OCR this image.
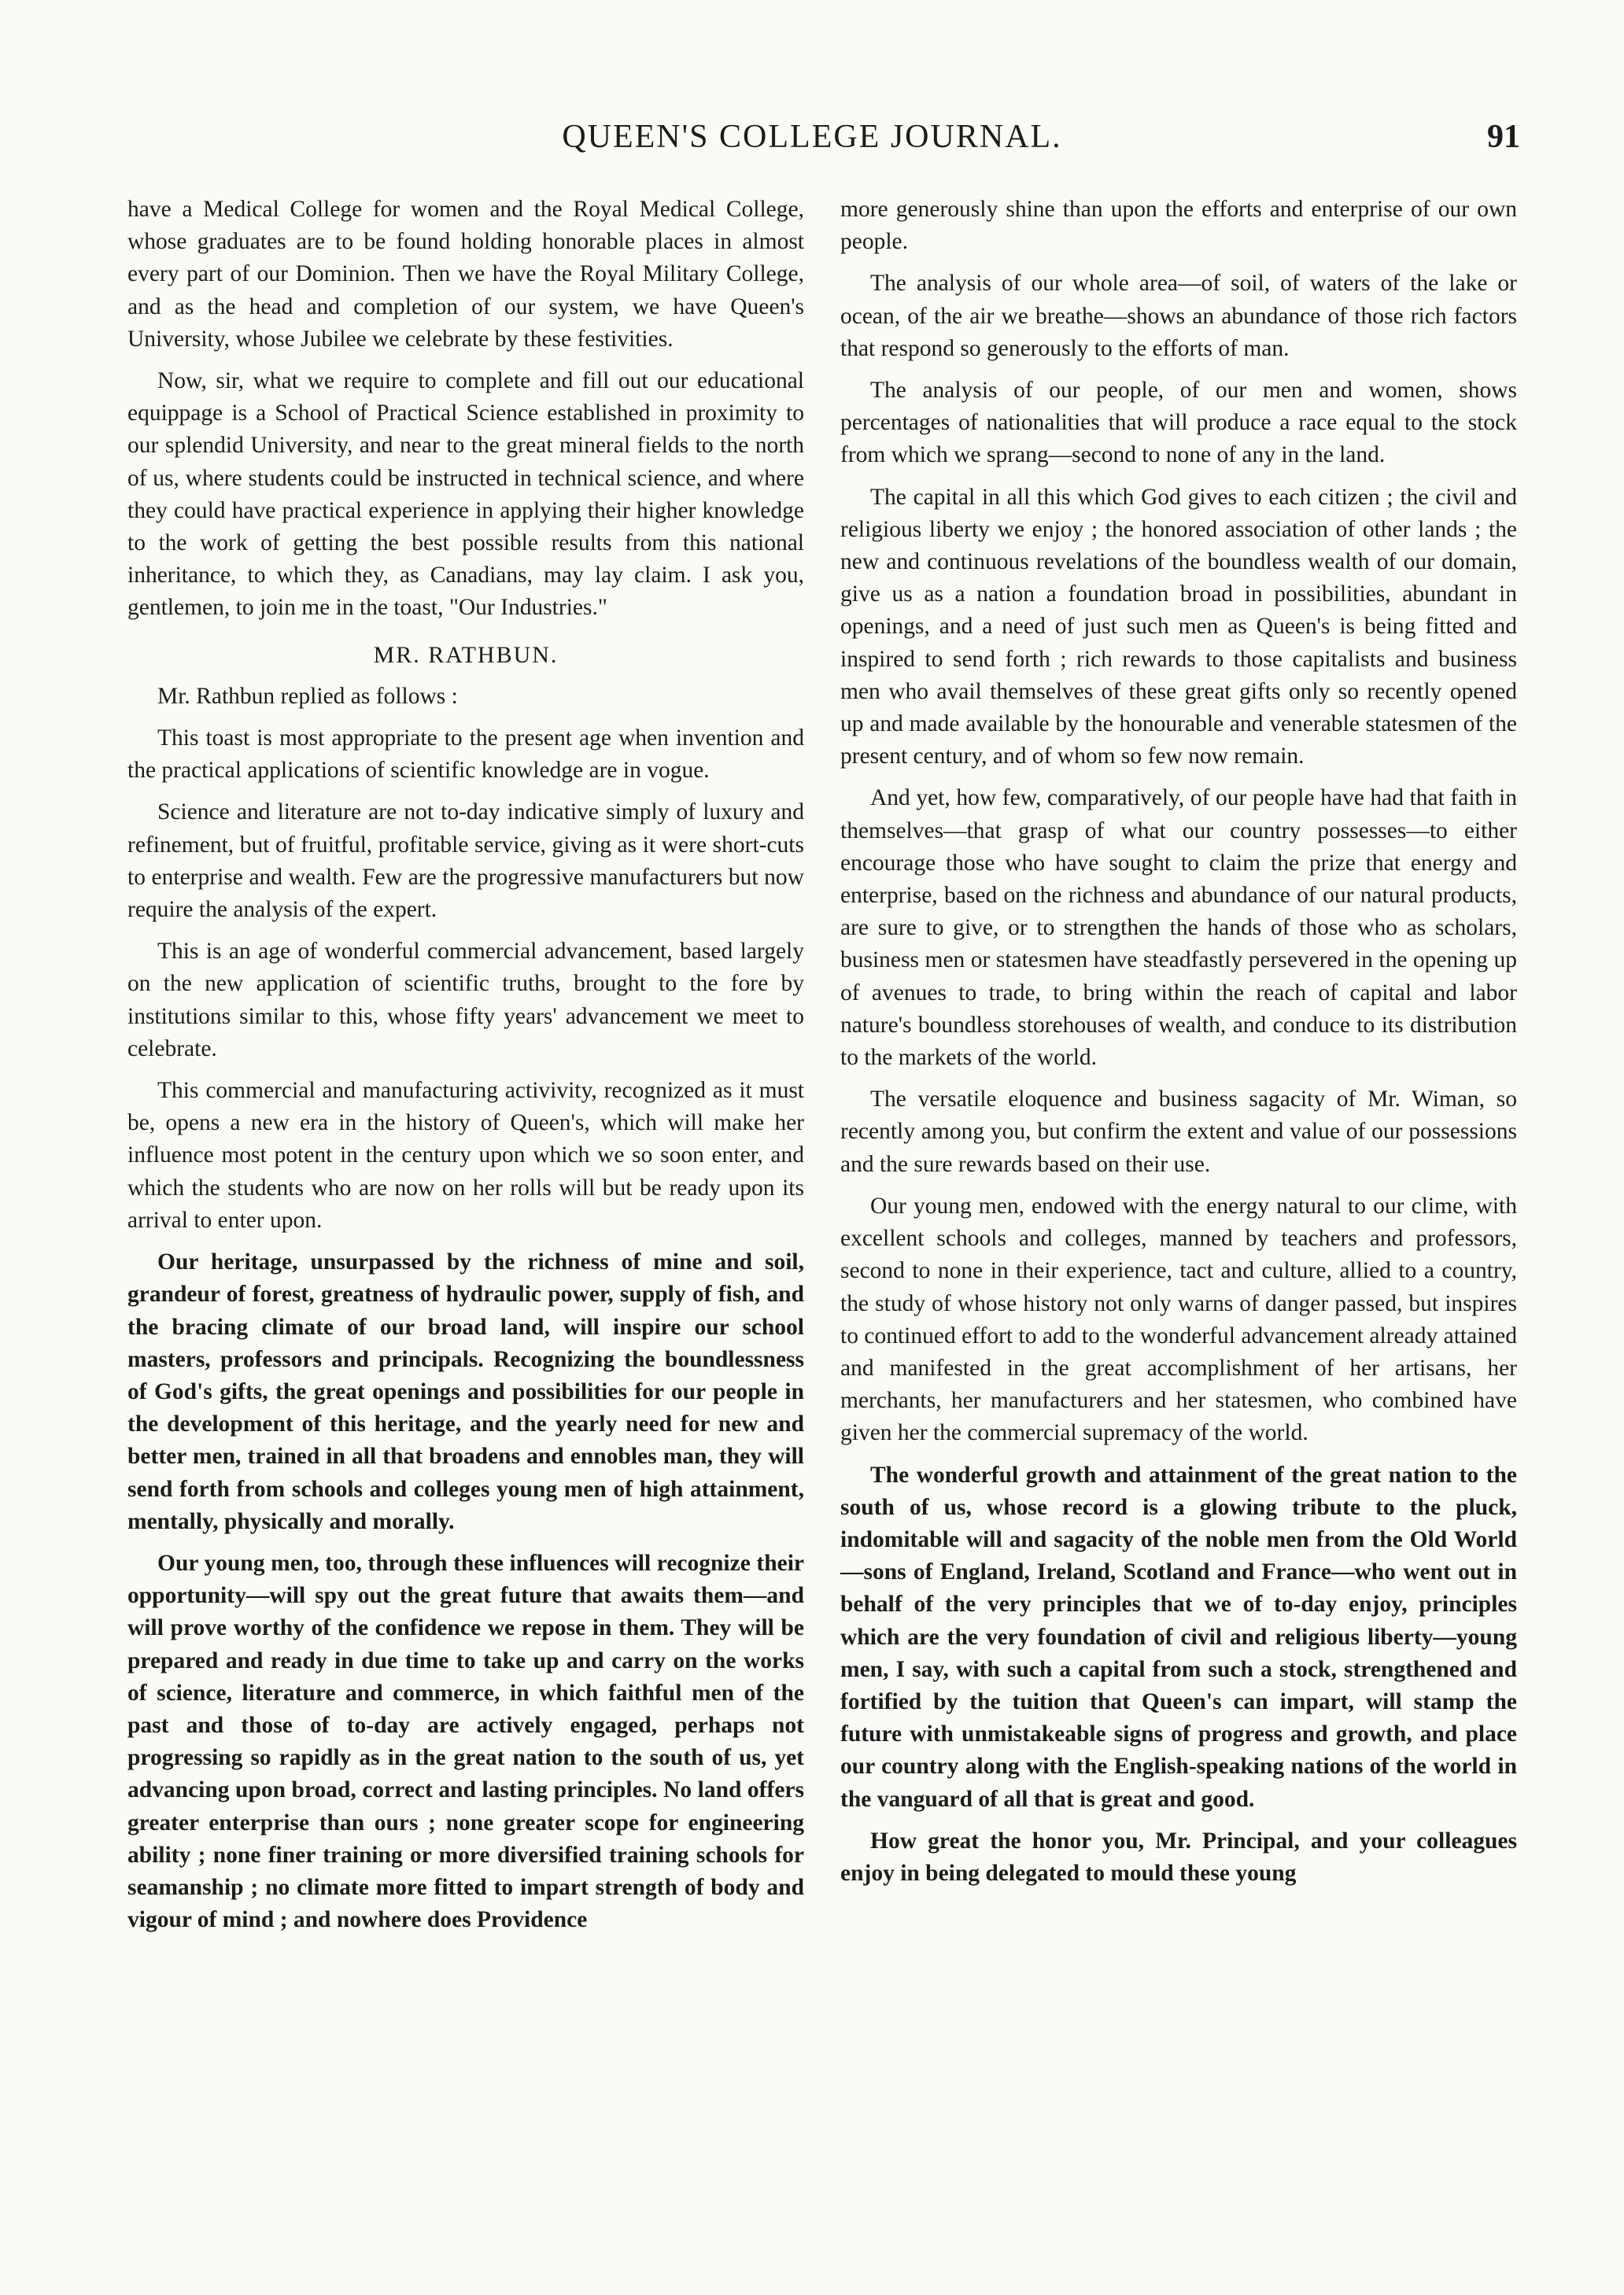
QUEEN'S COLLEGE JOURNAL.	91

have a Medical College for women and the Royal Medical College, whose graduates are to be found holding honorable places in almost every part of our Dominion. Then we have the Royal Military College, and as the head and completion of our system, we have Queen's University, whose Jubilee we celebrate by these festivities.

Now, sir, what we require to complete and fill out our educational equippage is a School of Practical Science established in proximity to our splendid University, and near to the great mineral fields to the north of us, where students could be instructed in technical science, and where they could have practical experience in applying their higher knowledge to the work of getting the best possible results from this national inheritance, to which they, as Canadians, may lay claim. I ask you, gentlemen, to join me in the toast, "Our Industries."

MR. RATHBUN.

Mr. Rathbun replied as follows :

This toast is most appropriate to the present age when invention and the practical applications of scientific knowledge are in vogue.

Science and literature are not to-day indicative simply of luxury and refinement, but of fruitful, profitable service, giving as it were short-cuts to enterprise and wealth. Few are the progressive manufacturers but now require the analysis of the expert.

This is an age of wonderful commercial advancement, based largely on the new application of scientific truths, brought to the fore by institutions similar to this, whose fifty years' advancement we meet to celebrate.

This commercial and manufacturing activivity, recognized as it must be, opens a new era in the history of Queen's, which will make her influence most potent in the century upon which we so soon enter, and which the students who are now on her rolls will but be ready upon its arrival to enter upon.

Our heritage, unsurpassed by the richness of mine and soil, grandeur of forest, greatness of hydraulic power, supply of fish, and the bracing climate of our broad land, will inspire our school masters, professors and principals. Recognizing the boundlessness of God's gifts, the great openings and possibilities for our people in the development of this heritage, and the yearly need for new and better men, trained in all that broadens and ennobles man, they will send forth from schools and colleges young men of high attainment, mentally, physically and morally.

Our young men, too, through these influences will recognize their opportunity—will spy out the great future that awaits them—and will prove worthy of the confidence we repose in them. They will be prepared and ready in due time to take up and carry on the works of science, literature and commerce, in which faithful men of the past and those of to-day are actively engaged, perhaps not progressing so rapidly as in the great nation to the south of us, yet advancing upon broad, correct and lasting principles. No land offers greater enterprise than ours ; none greater scope for engineering ability ; none finer training or more diversified training schools for seamanship ; no climate more fitted to impart strength of body and vigour of mind ; and nowhere does Providence

more generously shine than upon the efforts and enterprise of our own people.

The analysis of our whole area—of soil, of waters of the lake or ocean, of the air we breathe—shows an abundance of those rich factors that respond so generously to the efforts of man.

The analysis of our people, of our men and women, shows percentages of nationalities that will produce a race equal to the stock from which we sprang—second to none of any in the land.

The capital in all this which God gives to each citizen ; the civil and religious liberty we enjoy ; the honored association of other lands ; the new and continuous revelations of the boundless wealth of our domain, give us as a nation a foundation broad in possibilities, abundant in openings, and a need of just such men as Queen's is being fitted and inspired to send forth ; rich rewards to those capitalists and business men who avail themselves of these great gifts only so recently opened up and made available by the honourable and venerable statesmen of the present century, and of whom so few now remain.

And yet, how few, comparatively, of our people have had that faith in themselves—that grasp of what our country possesses—to either encourage those who have sought to claim the prize that energy and enterprise, based on the richness and abundance of our natural products, are sure to give, or to strengthen the hands of those who as scholars, business men or statesmen have steadfastly persevered in the opening up of avenues to trade, to bring within the reach of capital and labor nature's boundless storehouses of wealth, and conduce to its distribution to the markets of the world.

The versatile eloquence and business sagacity of Mr. Wiman, so recently among you, but confirm the extent and value of our possessions and the sure rewards based on their use.

Our young men, endowed with the energy natural to our clime, with excellent schools and colleges, manned by teachers and professors, second to none in their experience, tact and culture, allied to a country, the study of whose history not only warns of danger passed, but inspires to continued effort to add to the wonderful advancement already attained and manifested in the great accomplishment of her artisans, her merchants, her manufacturers and her statesmen, who combined have given her the commercial supremacy of the world.

The wonderful growth and attainment of the great nation to the south of us, whose record is a glowing tribute to the pluck, indomitable will and sagacity of the noble men from the Old World—sons of England, Ireland, Scotland and France—who went out in behalf of the very principles that we of to-day enjoy, principles which are the very foundation of civil and religious liberty—young men, I say, with such a capital from such a stock, strengthened and fortified by the tuition that Queen's can impart, will stamp the future with unmistakeable signs of progress and growth, and place our country along with the English-speaking nations of the world in the vanguard of all that is great and good.

How great the honor you, Mr. Principal, and your colleagues enjoy in being delegated to mould these young
